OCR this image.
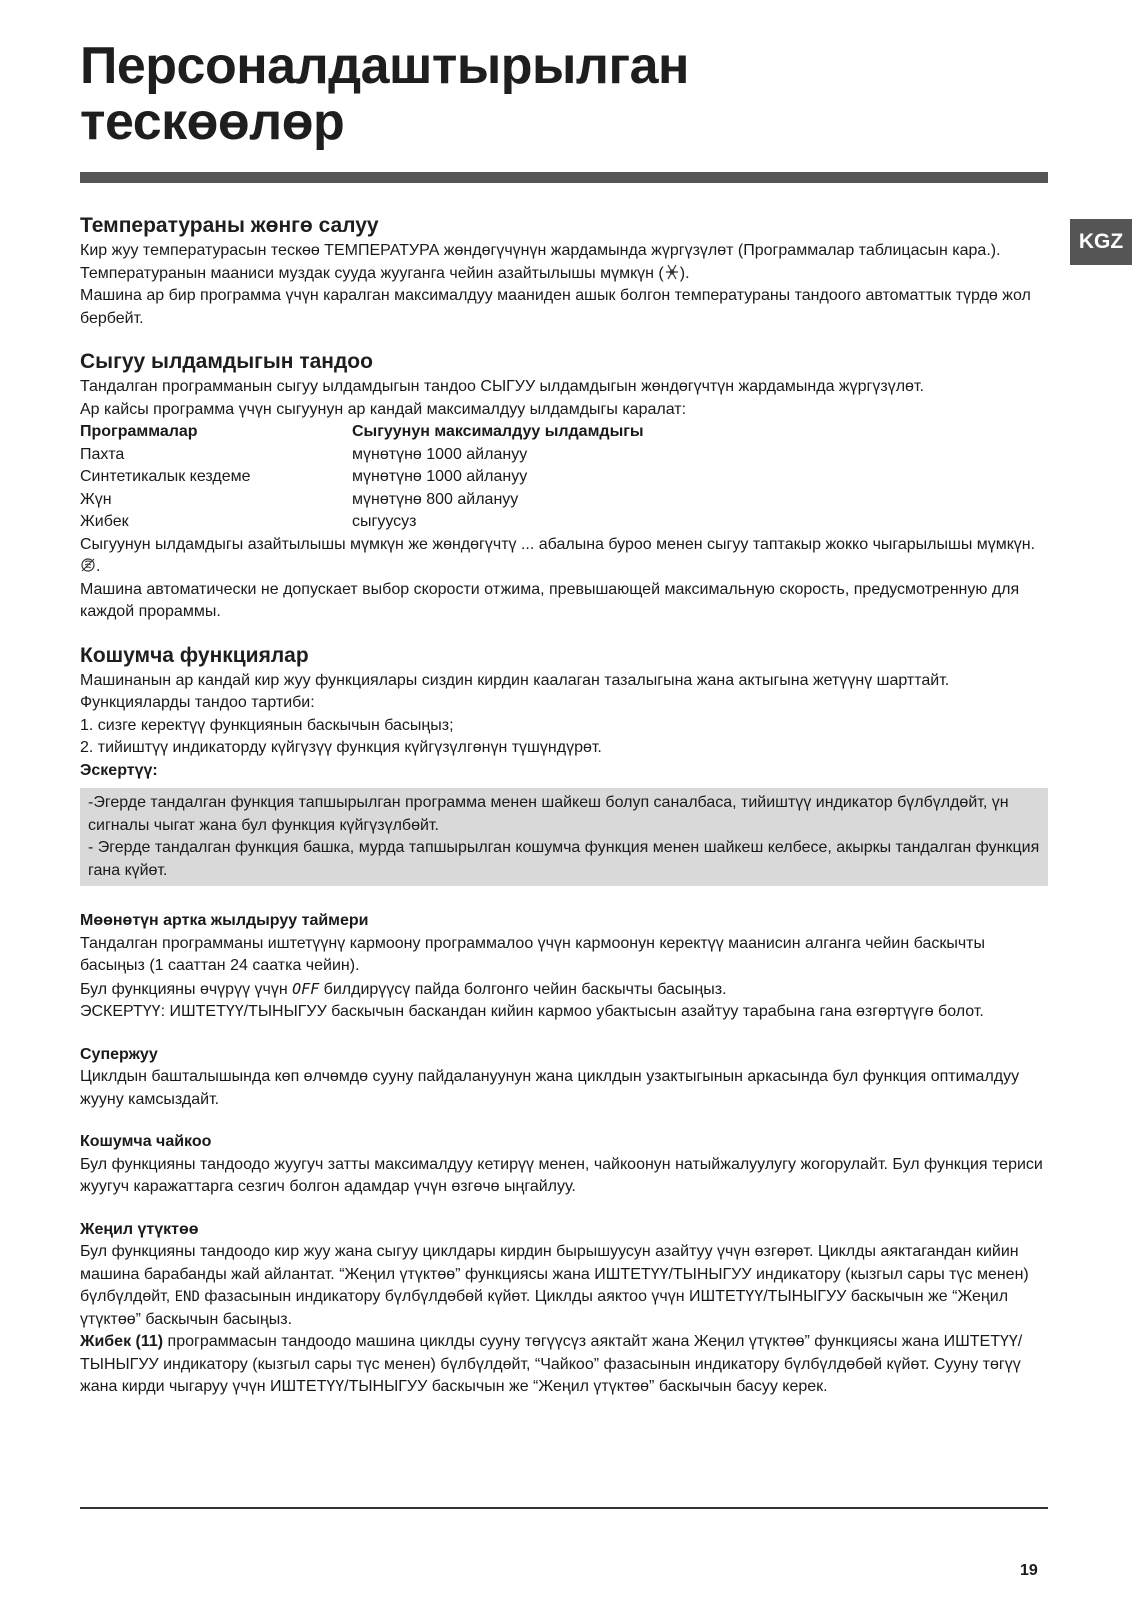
Персоналдаштырылган
тескөөлөр
KGZ
Температураны жөнгө салуу

Кир жуу температурасын тескөө ТЕМПЕРАТУРА жөндөгүчүнүн жардамында жүргүзүлөт (Программалар таблицасын кара.).

Температуранын мааниси муздак сууда жууганга чейин азайтылышы мүмкүн ( ).

Машина ар бир программа үчүн каралган максималдуу мааниден ашык болгон температураны тандоого автоматтык түрдө жол бербейт.

Сыгуу ылдамдыгын тандоо

Тандалган программанын сыгуу ылдамдыгын тандоо СЫГУУ ылдамдыгын жөндөгүчтүн жардамында жүргүзүлөт.

Ар кайсы программа үчүн сыгуунун ар кандай максималдуу ылдамдыгы каралат:

Программалар	Сыгуунун максималдуу ылдамдыгы
Пахта	мүнөтүнө 1000 айлануу
Синтетикалык кездеме	мүнөтүнө 1000 айлануу
Жүн	мүнөтүнө 800 айлануу
Жибек	сыгуусуз

Сыгуунун ылдамдыгы азайтылышы мүмкүн же жөндөгүчтү ... абалына буроо менен сыгуу таптакыр жокко чыгарылышы мүмкүн. .

Машина автоматически не допускает выбор скорости отжима, превышающей максимальную скорость, предусмотренную для каждой прораммы.

Кошумча функциялар

Машинанын ар кандай кир жуу функциялары сиздин кирдин каалаган тазалыгына жана актыгына жетүүнү шарттайт.

Функцияларды тандоо тартиби:

1. сизге керектүү функциянын баскычын басыңыз;

2. тийиштүү индикаторду күйгүзүү функция күйгүзүлгөнүн түшүндүрөт.

Эскертүү:

-Эгерде тандалган функция тапшырылган программа менен шайкеш болуп саналбаса, тийиштүү индикатор бүлбүлдөйт, үн сигналы чыгат жана бул функция күйгүзүлбөйт.

- Эгерде тандалган функция башка, мурда тапшырылган кошумча функция менен шайкеш келбесе, акыркы тандалган функция гана күйөт.

Мөөнөтүн артка жылдыруу таймери

Тандалган программаны иштетүүнү кармоону программалоо үчүн кармоонун керектүү маанисин алганга чейин баскычты басыңыз (1 сааттан 24 саатка чейин).

Бул функцияны өчүрүү үчүн OFF билдирүүсү пайда болгонго чейин баскычты басыңыз.

ЭСКЕРТҮҮ: ИШТЕТҮҮ/ТЫНЫГУУ баскычын баскандан кийин кармоо убактысын азайтуу тарабына гана өзгөртүүгө болот.

Супержуу

Циклдын башталышында көп өлчөмдө сууну пайдалануунун жана циклдын узактыгынын аркасында бул функция оптималдуу жууну камсыздайт.

Кошумча чайкоо

Бул функцияны тандоодо жуугуч затты максималдуу кетирүү менен, чайкоонун натыйжалуулугу жогорулайт. Бул функция териси жуугуч каражаттарга сезгич болгон адамдар үчүн өзгөчө ыңгайлуу.

Жеңил үтүктөө

Бул функцияны тандоодо кир жуу жана сыгуу циклдары кирдин бырышуусун азайтуу үчүн өзгөрөт. Циклды аяктагандан кийин машина барабанды жай айлантат. “Жеңил үтүктөө” функциясы жана ИШТЕТҮҮ/ТЫНЫГУУ индикатору (кызгыл сары түс менен) бүлбүлдөйт, END фазасынын индикатору бүлбүлдөбөй күйөт. Циклды аяктоо үчүн ИШТЕТҮҮ/ТЫНЫГУУ баскычын же “Жеңил үтүктөө” баскычын басыңыз.

Жибек (11) программасын тандоодо машина циклды сууну төгүүсүз аяктайт жана Жеңил үтүктөө” функциясы жана ИШТЕТҮҮ/ТЫНЫГУУ индикатору (кызгыл сары түс менен) бүлбүлдөйт, “Чайкоо” фазасынын индикатору бүлбүлдөбөй күйөт. Сууну төгүү жана кирди чыгаруу үчүн ИШТЕТҮҮ/ТЫНЫГУУ баскычын же “Жеңил үтүктөө” баскычын басуу керек.

19
